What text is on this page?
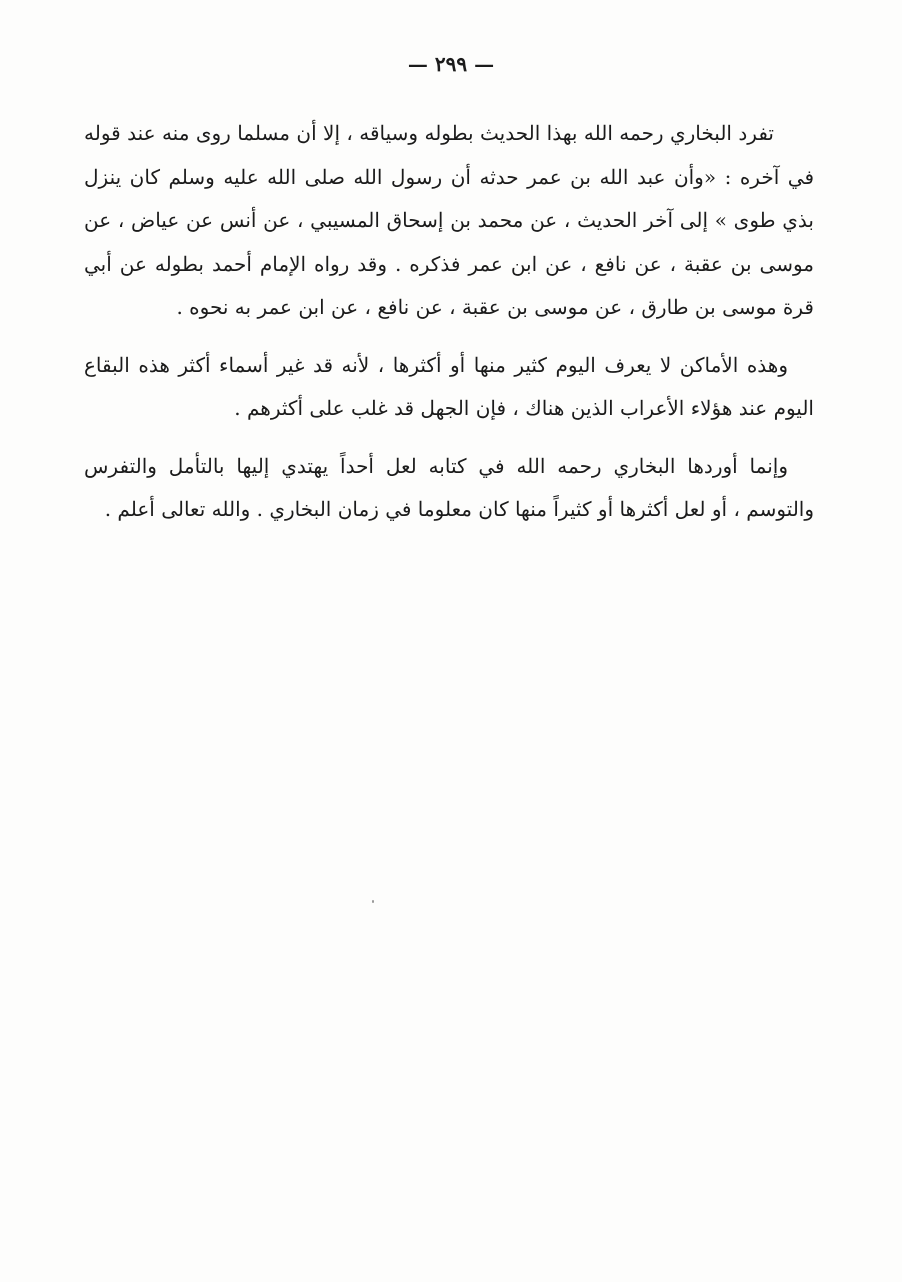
— ٢٩٩ —

تفرد البخاري رحمه الله بهذا الحديث بطوله وسياقه ، إلا أن مسلما روى منه عند قوله في آخره : «وأن عبد الله بن عمر حدثه أن رسول الله صلى الله عليه وسلم كان ينزل بذي طوى » إلى آخر الحديث ، عن محمد بن إسحاق المسيبي ، عن أنس عن عياض ، عن موسى بن عقبة ، عن نافع ، عن ابن عمر فذكره . وقد رواه الإمام أحمد بطوله عن أبي قرة موسى بن طارق ، عن موسى بن عقبة ، عن نافع ، عن ابن عمر به نحوه .

وهذه الأماكن لا يعرف اليوم كثير منها أو أكثرها ، لأنه قد غير أسماء أكثر هذه البقاع اليوم عند هؤلاء الأعراب الذين هناك ، فإن الجهل قد غلب على أكثرهم .

وإنما أوردها البخاري رحمه الله في كتابه لعل أحداً يهتدي إليها بالتأمل والتفرس والتوسم ، أو لعل أكثرها أو كثيراً منها كان معلوما في زمان البخاري . والله تعالى أعلم .
